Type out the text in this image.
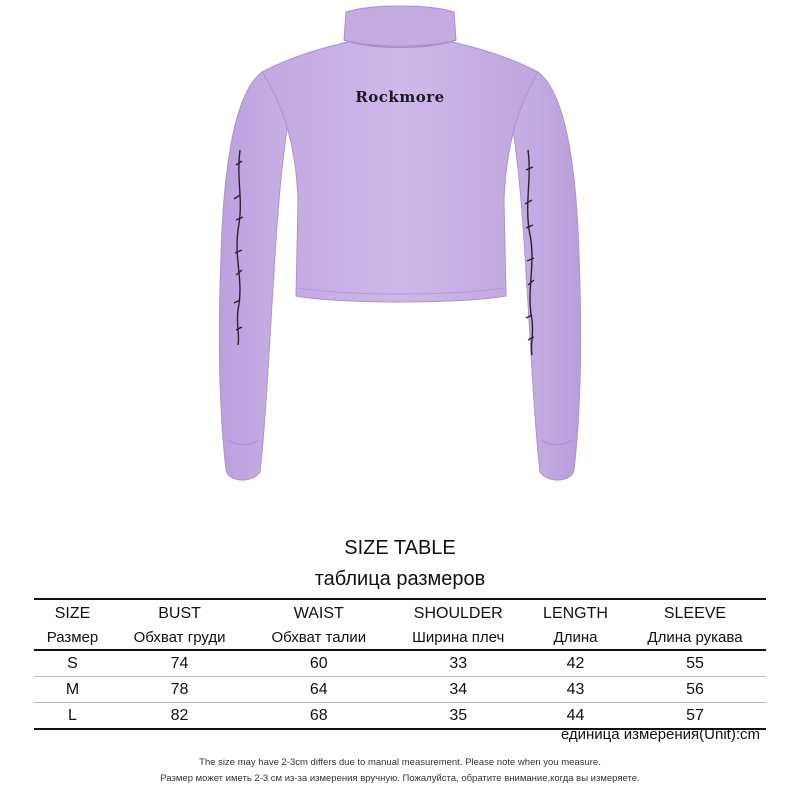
Rockmore
SIZE TABLE
таблица размеров
SIZE	BUST	WAIST	SHOULDER	LENGTH	SLEEVE
Размер	Обхват груди	Обхват талии	Ширина плеч	Длина	Длина рукава
S	74	60	33	42	55
M	78	64	34	43	56
L	82	68	35	44	57
единица измерения(Unit):cm
The size may have 2-3cm differs due to manual measurement. Please note when you measure.
Размер может иметь 2-3 см из-за измерения вручную. Пожалуйста, обратите внимание,когда вы измеряете.
